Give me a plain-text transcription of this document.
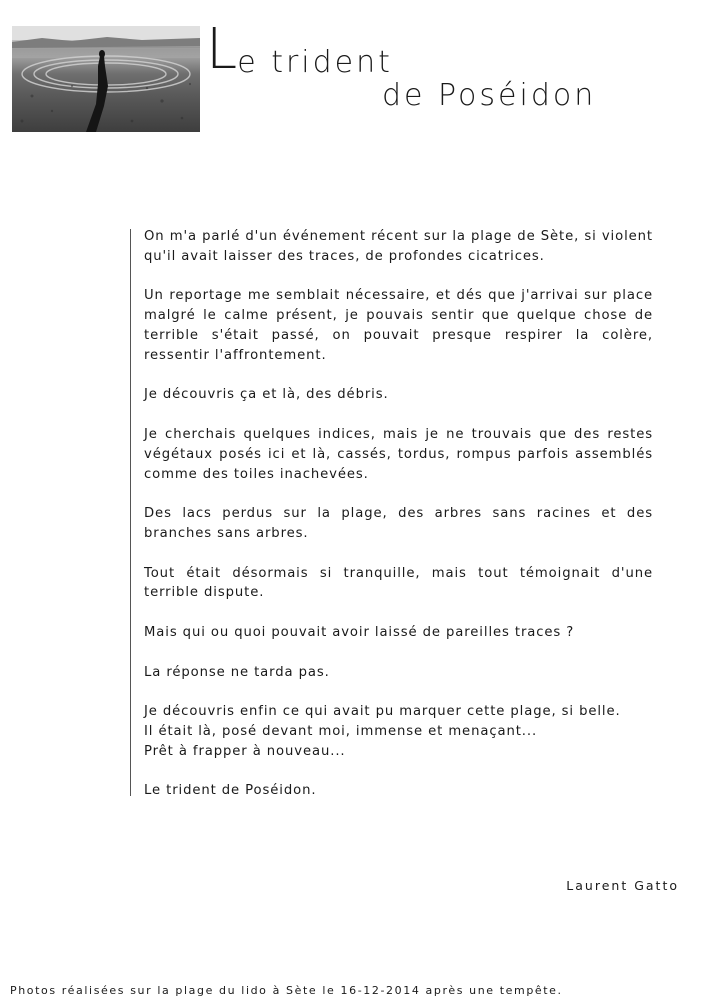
Le trident
de Poséidon

On m'a parlé d'un événement récent sur la plage de Sète, si violent qu'il avait laisser des traces, de profondes cicatrices.

Un reportage me semblait nécessaire, et dés que j'arrivai sur place malgré le calme présent, je pouvais sentir que quelque chose de terrible s'était passé, on pouvait presque respirer la colère, ressentir l'affrontement.

Je découvris ça et là, des débris.

Je cherchais quelques indices, mais je ne trouvais que des restes végétaux posés ici et là, cassés, tordus, rompus parfois assemblés comme des toiles inachevées.

Des lacs perdus sur la plage, des arbres sans racines et des branches sans arbres.

Tout était désormais si tranquille, mais tout témoignait d'une terrible dispute.

Mais qui ou quoi pouvait avoir laissé de pareilles traces ?

La réponse ne tarda pas.

Je découvris enfin ce qui avait pu marquer cette plage, si belle.
Il était là, posé devant moi, immense et menaçant...
Prêt à frapper à nouveau...

Le trident de Poséidon.

Laurent Gatto
Photos réalisées sur la plage du lido à Sète le 16-12-2014 après une tempête.
